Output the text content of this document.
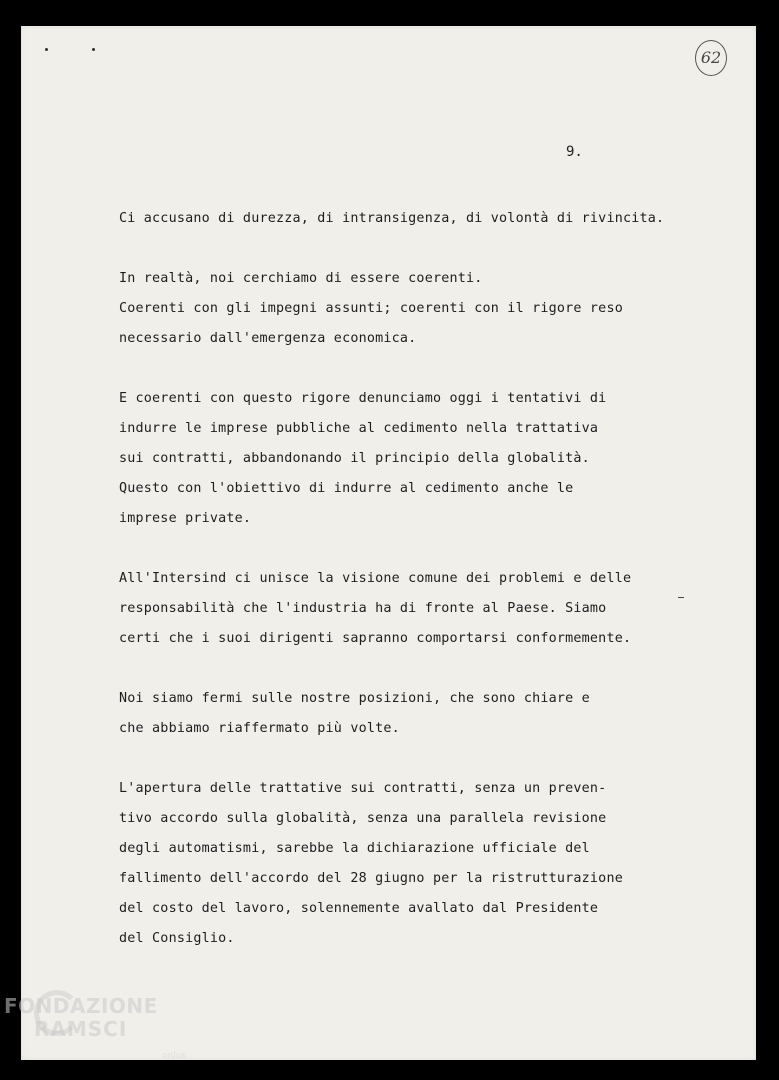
62
9.
Ci accusano di durezza, di intransigenza, di volontà di rivincita.
In realtà, noi cerchiamo di essere coerenti.
Coerenti con gli impegni assunti; coerenti con il rigore reso
necessario dall'emergenza economica.
E coerenti con questo rigore denunciamo oggi i tentativi di
indurre le imprese pubbliche al cedimento nella trattativa
sui contratti, abbandonando il principio della globalità.
Questo con l'obiettivo di indurre al cedimento anche le
imprese private.
All'Intersind ci unisce la visione comune dei problemi e delle
responsabilità che l'industria ha di fronte al Paese. Siamo
certi che i suoi dirigenti sapranno comportarsi conformemente.
Noi siamo fermi sulle nostre posizioni, che sono chiare e
che abbiamo riaffermato più volte.
L'apertura delle trattative sui contratti, senza un preven-
tivo accordo sulla globalità, senza una parallela revisione
degli automatismi, sarebbe la dichiarazione ufficiale del
fallimento dell'accordo del 28 giugno per la ristrutturazione
del costo del lavoro, solennemente avallato dal Presidente
del Consiglio.
FONDAZIONE
RAMSCI
onlus
